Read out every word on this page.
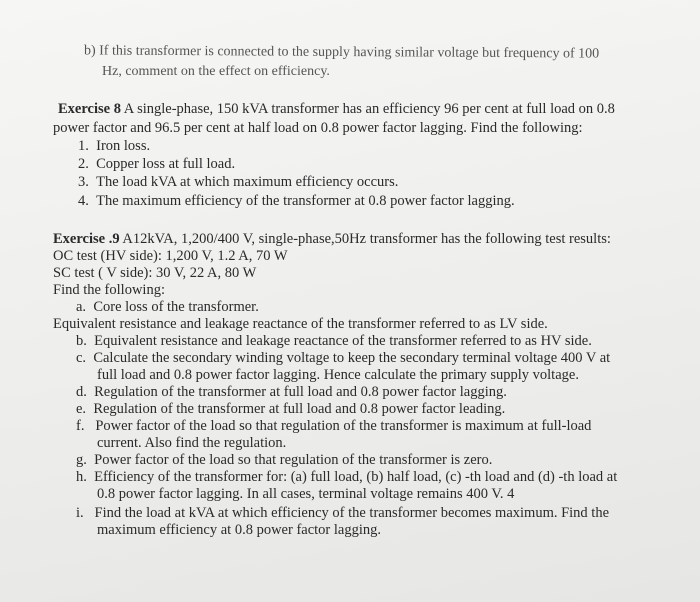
b) If this transformer is connected to the supply having similar voltage but frequency of 100
Hz, comment on the effect on efficiency.
Exercise 8 A single-phase, 150 kVA transformer has an efficiency 96 per cent at full load on 0.8
power factor and 96.5 per cent at half load on 0.8 power factor lagging. Find the following:
1. Iron loss.
2. Copper loss at full load.
3. The load kVA at which maximum efficiency occurs.
4. The maximum efficiency of the transformer at 0.8 power factor lagging.
Exercise .9 A12kVA, 1,200/400 V, single-phase,50Hz transformer has the following test results:
OC test (HV side): 1,200 V, 1.2 A, 70 W
SC test ( V side): 30 V, 22 A, 80 W
Find the following:
a. Core loss of the transformer.
Equivalent resistance and leakage reactance of the transformer referred to as LV side.
b. Equivalent resistance and leakage reactance of the transformer referred to as HV side.
c. Calculate the secondary winding voltage to keep the secondary terminal voltage 400 V at
full load and 0.8 power factor lagging. Hence calculate the primary supply voltage.
d. Regulation of the transformer at full load and 0.8 power factor lagging.
e. Regulation of the transformer at full load and 0.8 power factor leading.
f. Power factor of the load so that regulation of the transformer is maximum at full-load
current. Also find the regulation.
g. Power factor of the load so that regulation of the transformer is zero.
h. Efficiency of the transformer for: (a) full load, (b) half load, (c) -th load and (d) -th load at
0.8 power factor lagging. In all cases, terminal voltage remains 400 V. 4
i. Find the load at kVA at which efficiency of the transformer becomes maximum. Find the
maximum efficiency at 0.8 power factor lagging.
